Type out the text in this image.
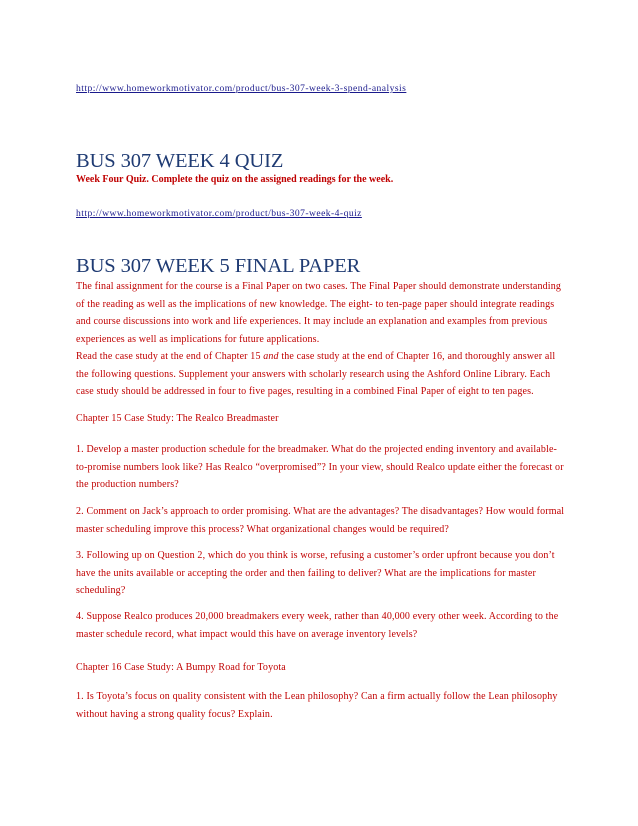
http://www.homeworkmotivator.com/product/bus-307-week-3-spend-analysis
BUS 307 WEEK 4 QUIZ
Week Four Quiz. Complete the quiz on the assigned readings for the week.
http://www.homeworkmotivator.com/product/bus-307-week-4-quiz
BUS 307 WEEK 5 FINAL PAPER
The final assignment for the course is a Final Paper on two cases. The Final Paper should demonstrate understanding
of the reading as well as the implications of new knowledge. The eight- to ten-page paper should integrate readings
and course discussions into work and life experiences. It may include an explanation and examples from previous
experiences as well as implications for future applications.
Read the case study at the end of Chapter 15 and the case study at the end of Chapter 16, and thoroughly answer all
the following questions. Supplement your answers with scholarly research using the Ashford Online Library. Each
case study should be addressed in four to five pages, resulting in a combined Final Paper of eight to ten pages.
Chapter 15 Case Study: The Realco Breadmaster
1. Develop a master production schedule for the breadmaker. What do the projected ending inventory and available-
to-promise numbers look like? Has Realco “overpromised”? In your view, should Realco update either the forecast or
the production numbers?
2. Comment on Jack’s approach to order promising. What are the advantages? The disadvantages? How would formal
master scheduling improve this process? What organizational changes would be required?
3. Following up on Question 2, which do you think is worse, refusing a customer’s order upfront because you don’t
have the units available or accepting the order and then failing to deliver? What are the implications for master
scheduling?
4. Suppose Realco produces 20,000 breadmakers every week, rather than 40,000 every other week. According to the
master schedule record, what impact would this have on average inventory levels?
Chapter 16 Case Study: A Bumpy Road for Toyota
1. Is Toyota’s focus on quality consistent with the Lean philosophy? Can a firm actually follow the Lean philosophy
without having a strong quality focus? Explain.
